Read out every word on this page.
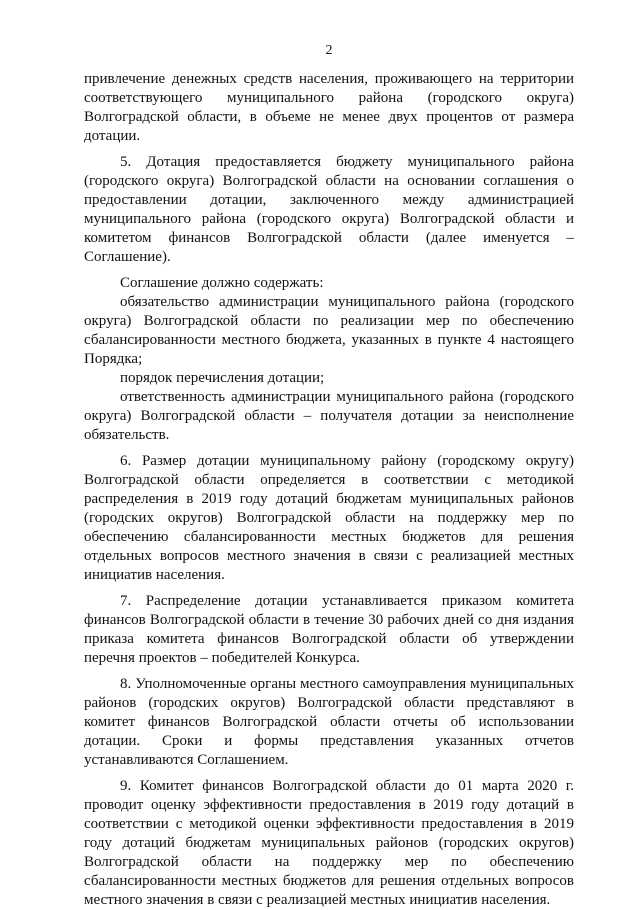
2

привлечение денежных средств населения, проживающего на территории соответствующего муниципального района (городского округа) Волгоградской области, в объеме не менее двух процентов от размера дотации.

5. Дотация предоставляется бюджету муниципального района (городского округа) Волгоградской области на основании соглашения о предоставлении дотации, заключенного между администрацией муниципального района (городского округа) Волгоградской области и комитетом финансов Волгоградской области (далее именуется – Соглашение).

Соглашение должно содержать:

обязательство администрации муниципального района (городского округа) Волгоградской области по реализации мер по обеспечению сбалансированности местного бюджета, указанных в пункте 4 настоящего Порядка;

порядок перечисления дотации;

ответственность администрации муниципального района (городского округа) Волгоградской области – получателя дотации за неисполнение обязательств.

6. Размер дотации муниципальному району (городскому округу) Волгоградской области определяется в соответствии с методикой распределения в 2019 году дотаций бюджетам муниципальных районов (городских округов) Волгоградской области на поддержку мер по обеспечению сбалансированности местных бюджетов для решения отдельных вопросов местного значения в связи с реализацией местных инициатив населения.

7. Распределение дотации устанавливается приказом комитета финансов Волгоградской области в течение 30 рабочих дней со дня издания приказа комитета финансов Волгоградской области об утверждении перечня проектов – победителей Конкурса.

8. Уполномоченные органы местного самоуправления муниципальных районов (городских округов) Волгоградской области представляют в комитет финансов Волгоградской области отчеты об использовании дотации. Сроки и формы представления указанных отчетов устанавливаются Соглашением.

9. Комитет финансов Волгоградской области до 01 марта 2020 г. проводит оценку эффективности предоставления в 2019 году дотаций в соответствии с методикой оценки эффективности предоставления в 2019 году дотаций бюджетам муниципальных районов (городских округов) Волгоградской области на поддержку мер по обеспечению сбалансированности местных бюджетов для решения отдельных вопросов местного значения в связи с реализацией местных инициатив населения.
